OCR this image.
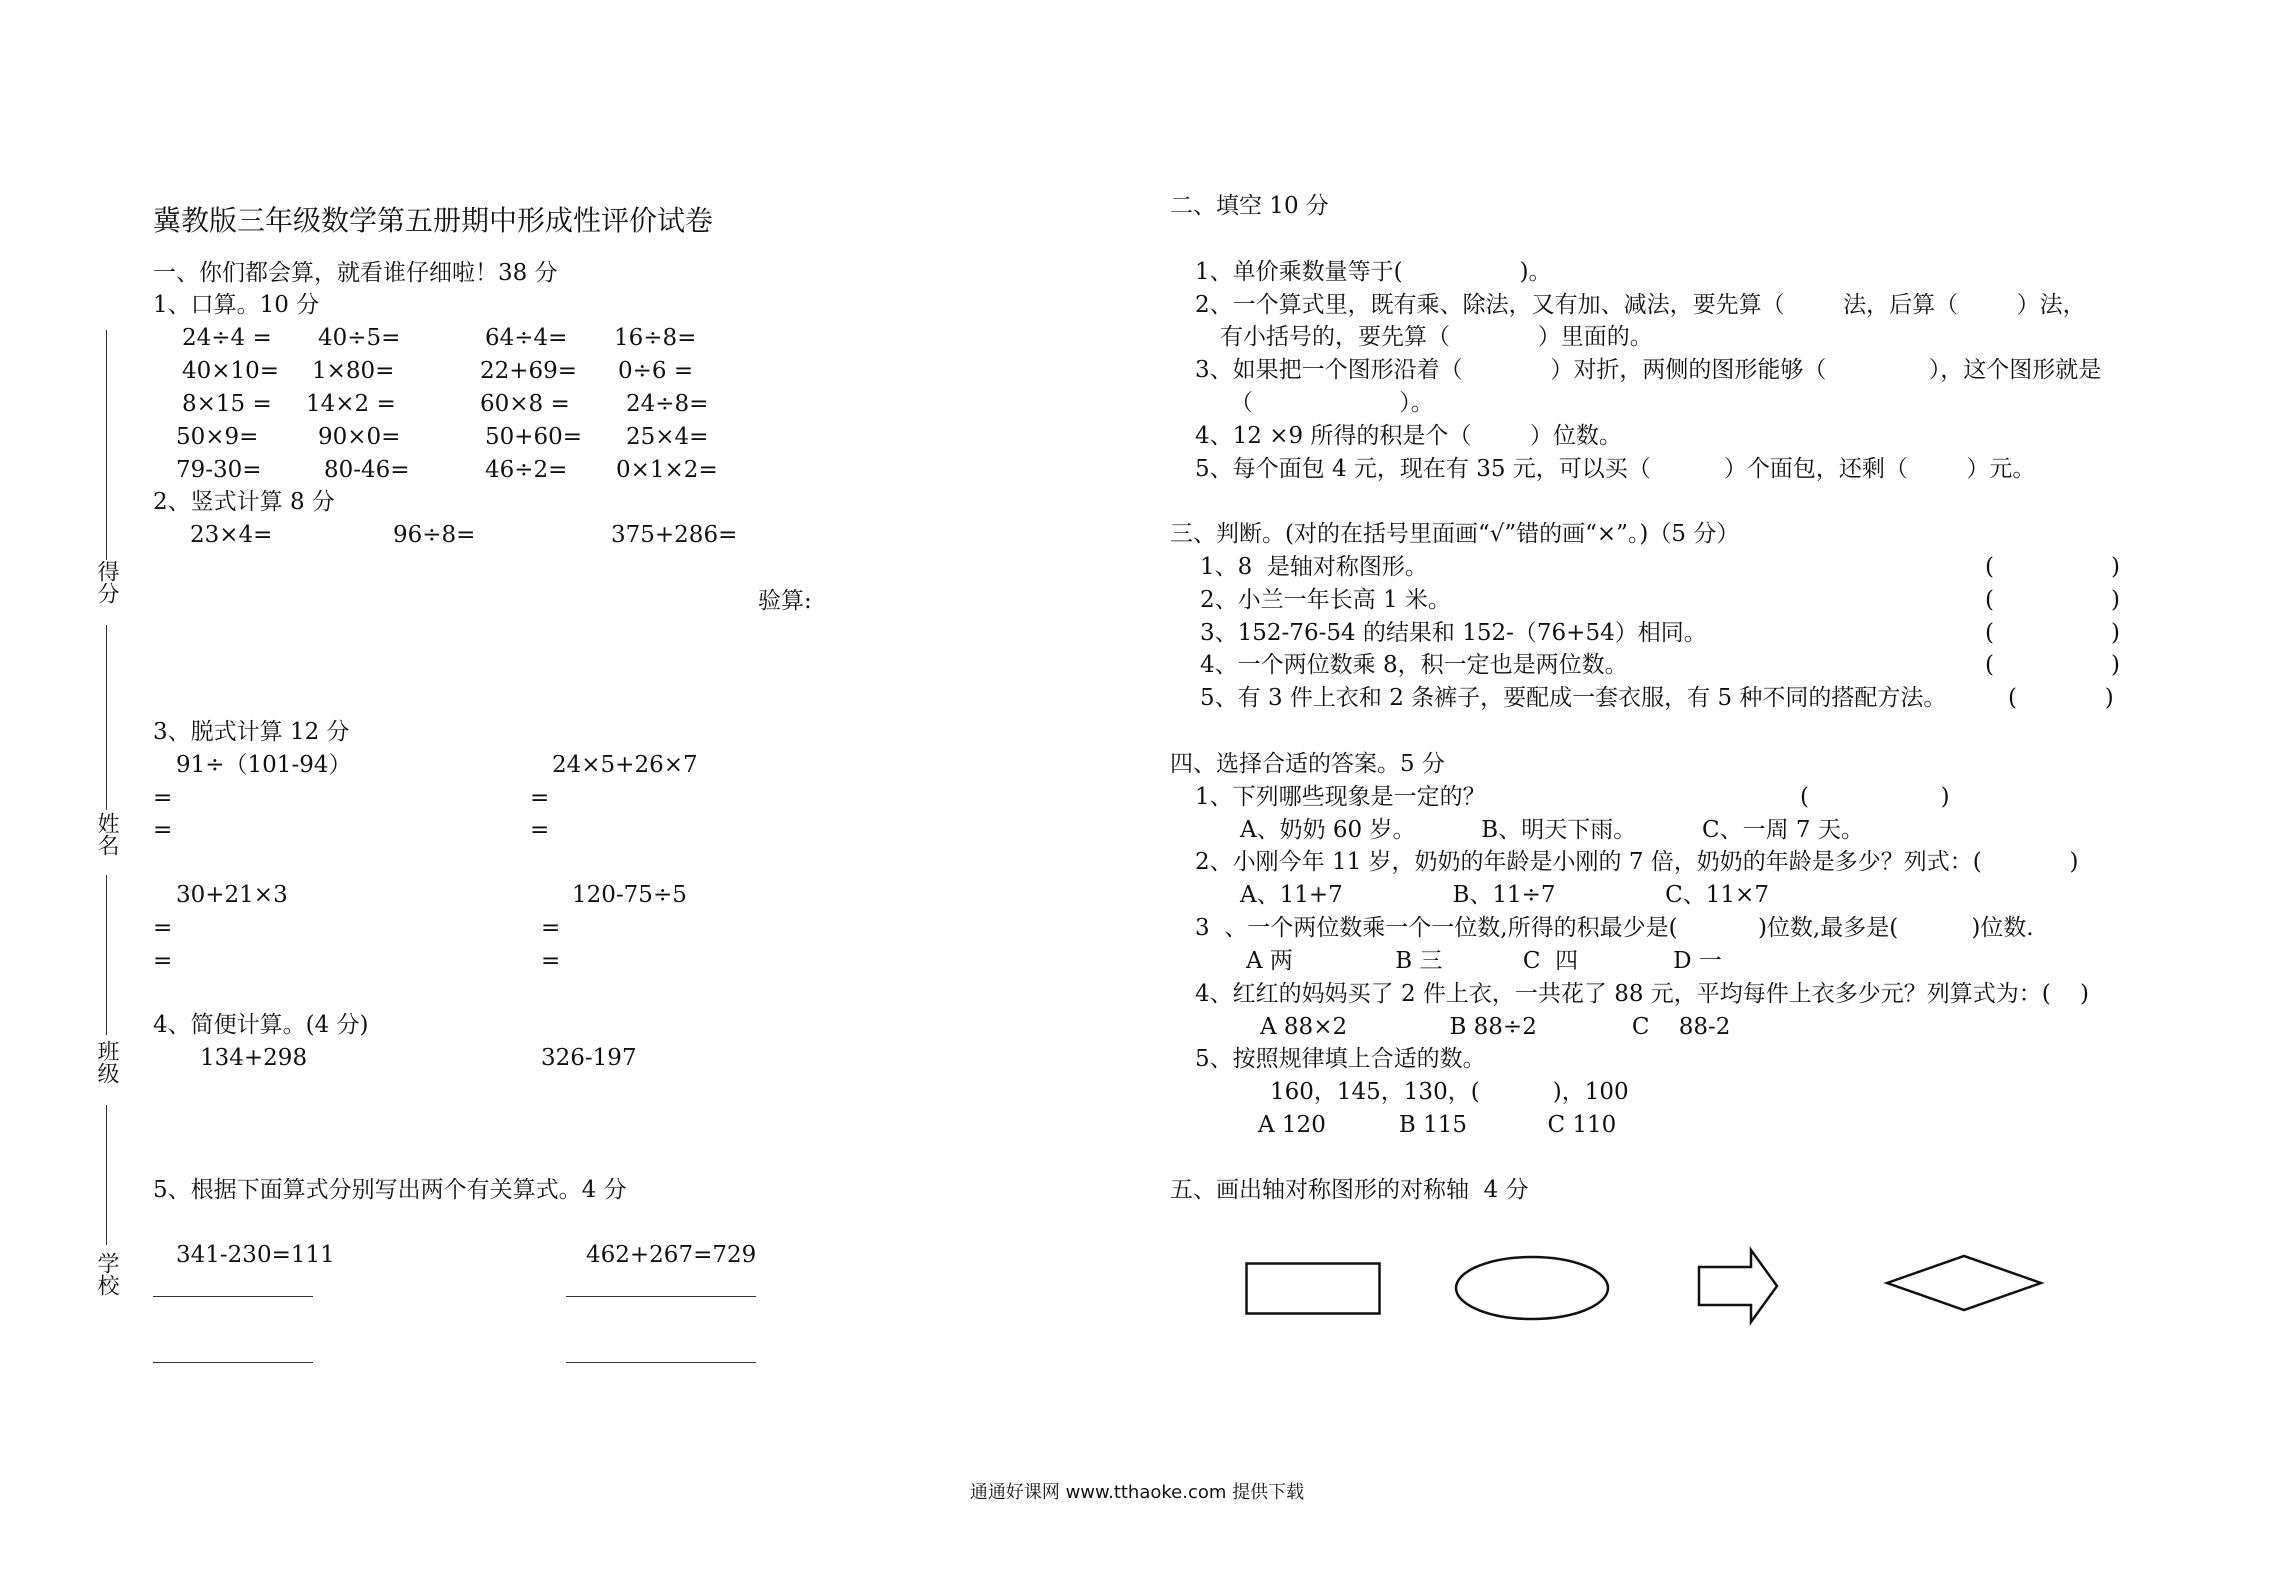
得分
姓名
班级
学校
冀教版三年级数学第五册期中形成性评价试卷
一、你们都会算，就看谁仔细啦！38 分
1、口算。10 分
24÷4 = 40÷5=	64÷4= 16÷8=
40×10= 1×80=	22+69= 0÷6 =
8×15 = 14×2 =	60×8 = 24÷8=
50×9=	90×0=	50+60= 25×4=
79-30=	80-46=	46÷2= 0×1×2=
2、竖式计算 8 分
23×4=	96÷8=	375+286=
验算:
3、脱式计算 12 分
91÷（101-94）	24×5+26×7
=	=
=	=
30+21×3	120-75÷5
=	=
=	=
4、简便计算。(4 分)
134+298	326-197
5、根据下面算式分别写出两个有关算式。4 分
341-230=111	462+267=729
二、填空 10 分
1、单价乘数量等于(                )。
2、一个算式里，既有乘、除法，又有加、减法，要先算（        法，后算（        ）法，
有小括号的，要先算（            ）里面的。
3、如果把一个图形沿着（            ）对折，两侧的图形能够（              ），这个图形就是
（                    ）。
4、12 ×9 所得的积是个（        ）位数。
5、每个面包 4 元，现在有 35 元，可以买（          ）个面包，还剩（        ）元。
三、判断。(对的在括号里面画“√”错的画“×”。)（5 分）
1、8  是轴对称图形。	(                )
2、小兰一年长高 1 米。	(                )
3、152-76-54 的结果和 152-（76+54）相同。	(                )
4、一个两位数乘 8，积一定也是两位数。	(                )
5、有 3 件上衣和 2 条裤子，要配成一套衣服，有 5 种不同的搭配方法。	(            )
四、选择合适的答案。5 分
1、下列哪些现象是一定的？                                           (                  )
A、奶奶 60 岁。         B、明天下雨。         C、一周 7 天。
2、小刚今年 11 岁，奶奶的年龄是小刚的 7 倍，奶奶的年龄是多少？列式：(            )
A、11+7               B、11÷7               C、11×7
3  、一个两位数乘一个一位数,所得的积最少是(           )位数,最多是(          )位数.
A 两              B 三           C  四             D 一
4、红红的妈妈买了 2 件上衣，一共花了 88 元，平均每件上衣多少元？列算式为：(    )
A 88×2              B 88÷2             C    88-2
5、按照规律填上合适的数。
160，145，130，(          )，100
A 120          B 115           C 110
五、画出轴对称图形的对称轴  4 分
通通好课网 www.tthaoke.com 提供下载
